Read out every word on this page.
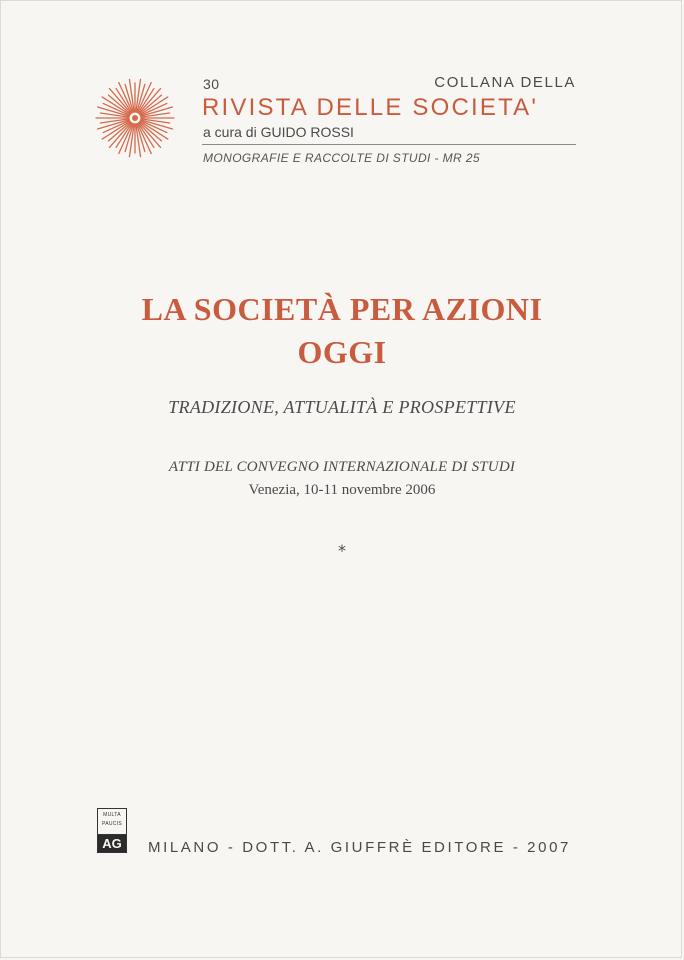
30	COLLANA DELLA
RIVISTA DELLE SOCIETA'
a cura di GUIDO ROSSI
MONOGRAFIE E RACCOLTE DI STUDI - MR 25
LA SOCIETÀ PER AZIONI
OGGI
TRADIZIONE, ATTUALITÀ E PROSPETTIVE
ATTI DEL CONVEGNO INTERNAZIONALE DI STUDI
Venezia, 10-11 novembre 2006
*
MULTA
PAUCIS
AG MILANO - DOTT. A. GIUFFRÈ EDITORE - 2007
